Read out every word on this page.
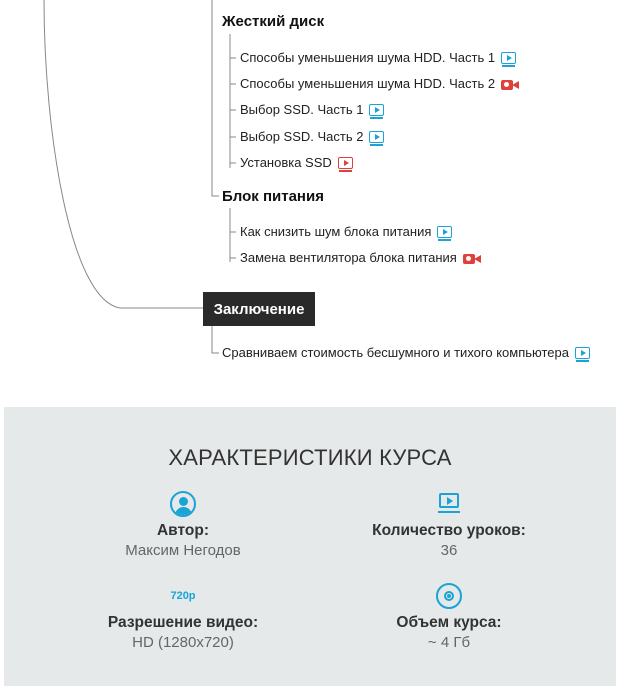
Жесткий диск
Способы уменьшения шума HDD. Часть 1
Способы уменьшения шума HDD. Часть 2
Выбор SSD. Часть 1
Выбор SSD. Часть 2
Установка SSD
Блок питания
Как снизить шум блока питания
Замена вентилятора блока питания
Заключение
Сравниваем стоимость бесшумного и тихого компьютера
ХАРАКТЕРИСТИКИ КУРСА
Автор:
Максим Негодов
Количество уроков:
36
720p
Разрешение видео:
HD (1280x720)
Объем курса:
~ 4 Гб
